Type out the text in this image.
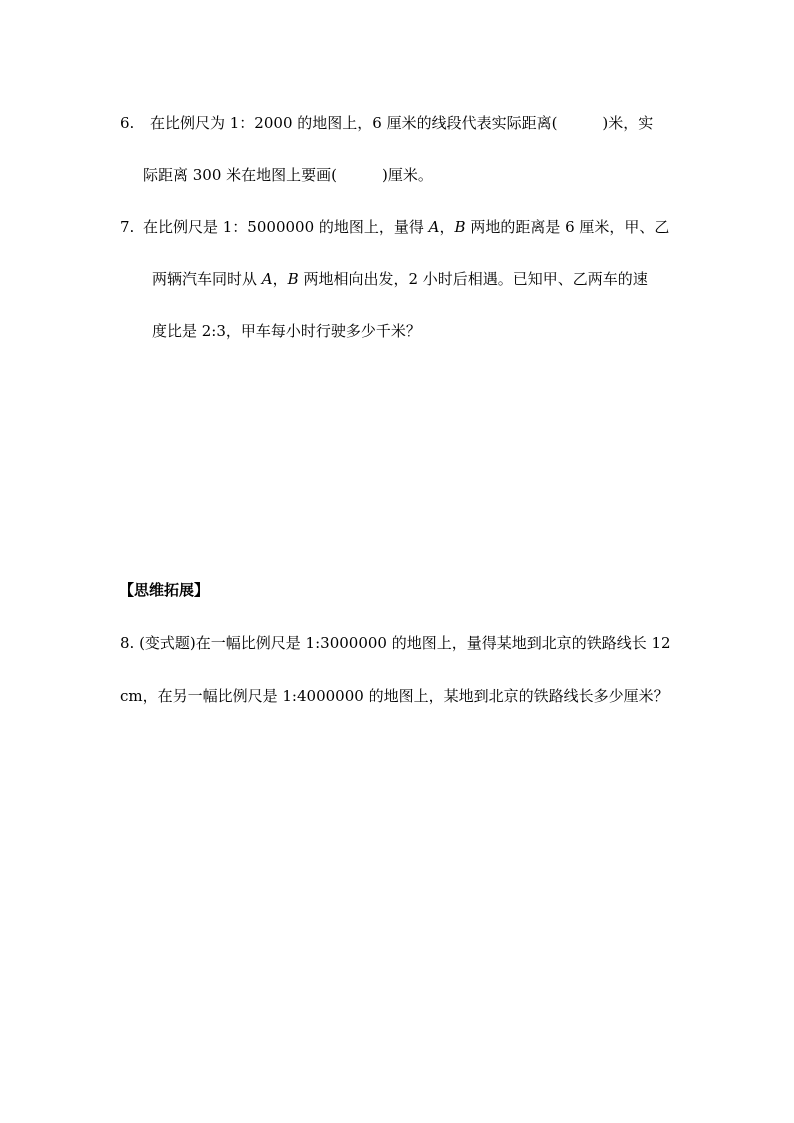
6. 在比例尺为 1：2000 的地图上，6 厘米的线段代表实际距离(　　　)米，实
际距离 300 米在地图上要画(　　　)厘米。
7. 在比例尺是 1：5000000 的地图上，量得 A，B 两地的距离是 6 厘米，甲、乙
两辆汽车同时从 A，B 两地相向出发，2 小时后相遇。已知甲、乙两车的速
度比是 2:3，甲车每小时行驶多少千米？
【思维拓展】
8. (变式题)在一幅比例尺是 1:3000000 的地图上，量得某地到北京的铁路线长 12
cm，在另一幅比例尺是 1:4000000 的地图上，某地到北京的铁路线长多少厘米？
